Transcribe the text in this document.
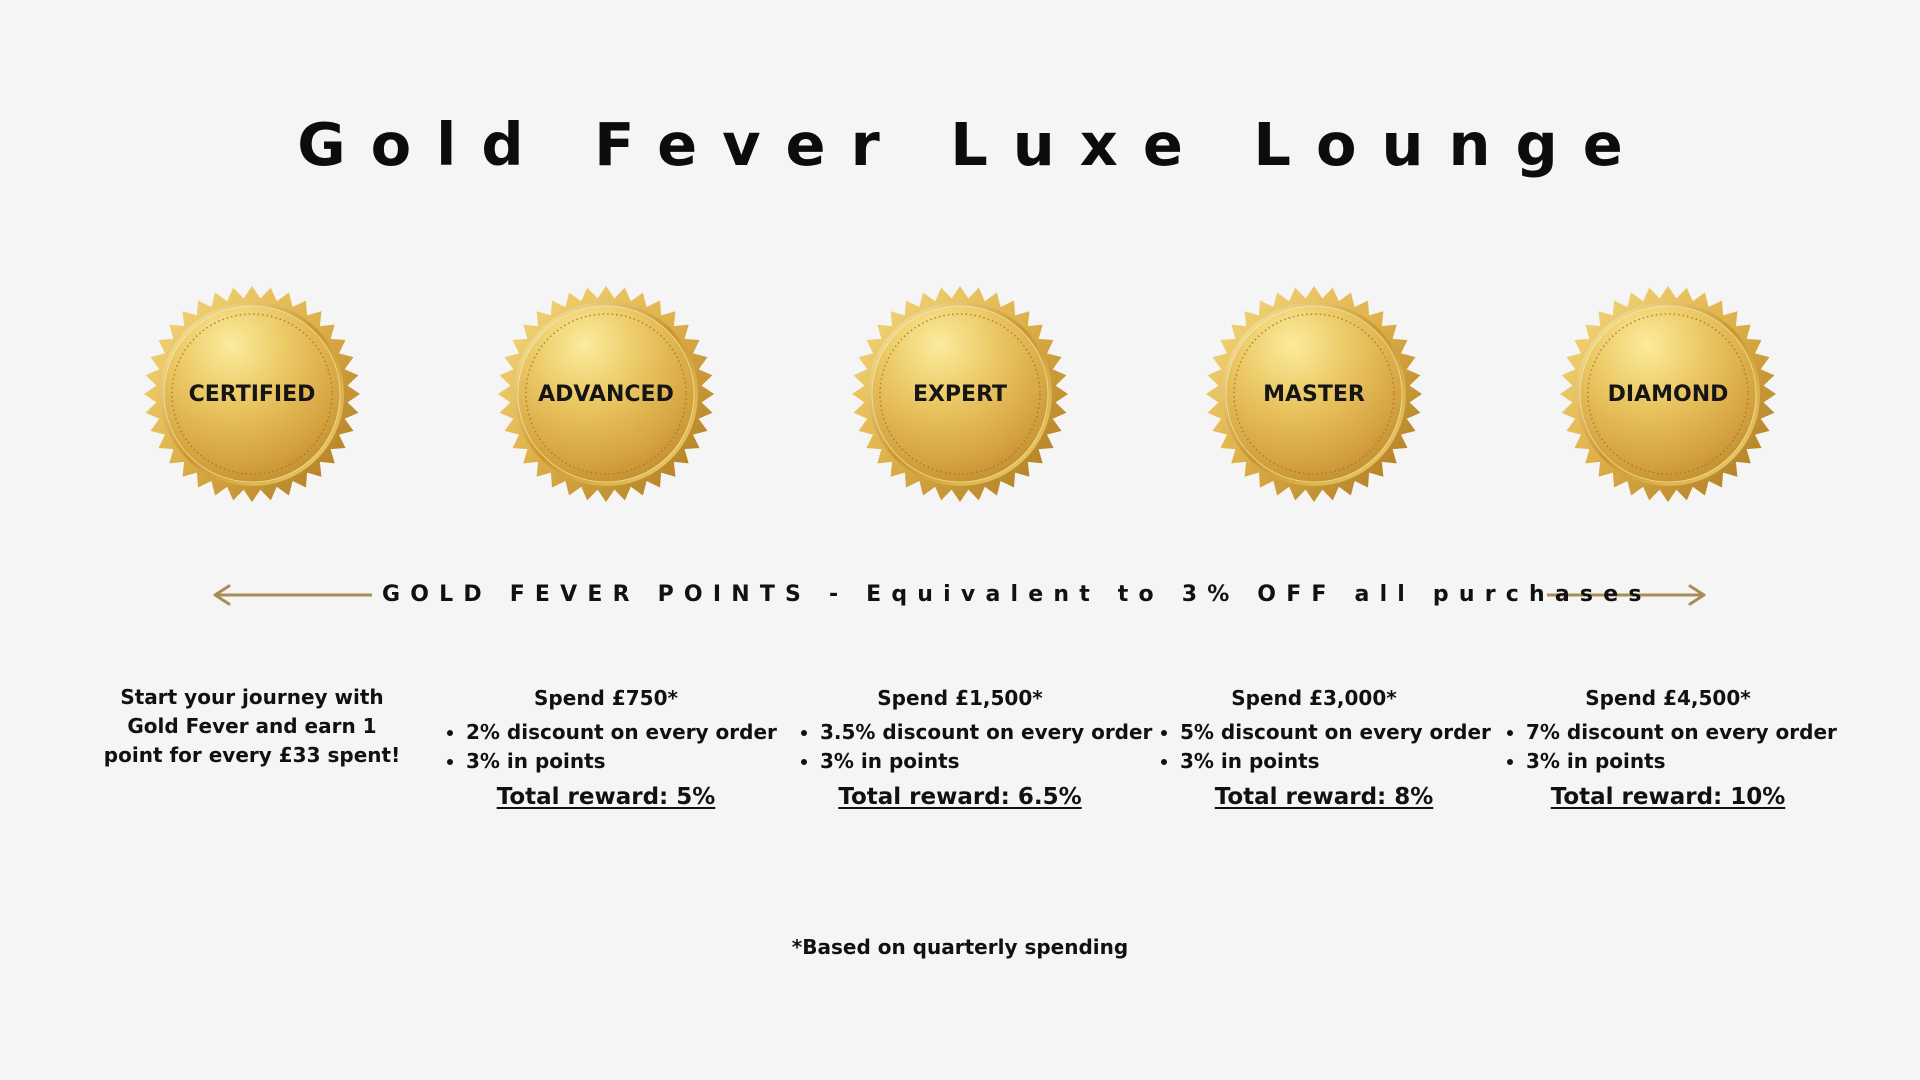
Gold Fever Luxe Lounge
CERTIFIED	ADVANCED	EXPERT	MASTER	DIAMOND
GOLD FEVER POINTS - Equivalent to 3% OFF all purchases
Start your journey with Gold Fever and earn 1 point for every £33 spent!
Spend £750*
• 2% discount on every order
• 3% in points
Total reward: 5%
Spend £1,500*
• 3.5% discount on every order
• 3% in points
Total reward: 6.5%
Spend £3,000*
• 5% discount on every order
• 3% in points
Total reward: 8%
Spend £4,500*
• 7% discount on every order
• 3% in points
Total reward: 10%
*Based on quarterly spending
